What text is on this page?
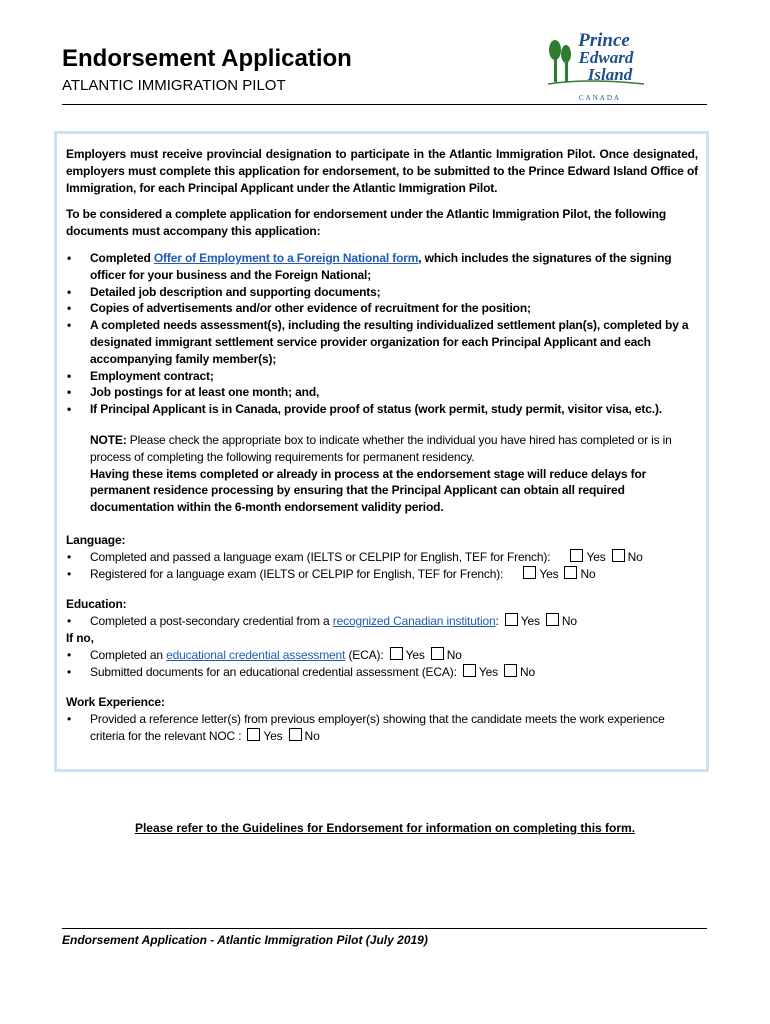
Endorsement Application
ATLANTIC IMMIGRATION PILOT
Prince
Edward
Island
CANADA

Employers must receive provincial designation to participate in the Atlantic Immigration Pilot. Once designated, employers must complete this application for endorsement, to be submitted to the Prince Edward Island Office of Immigration, for each Principal Applicant under the Atlantic Immigration Pilot.

To be considered a complete application for endorsement under the Atlantic Immigration Pilot, the following documents must accompany this application:

• Completed Offer of Employment to a Foreign National form, which includes the signatures of the signing officer for your business and the Foreign National;
• Detailed job description and supporting documents;
• Copies of advertisements and/or other evidence of recruitment for the position;
• A completed needs assessment(s), including the resulting individualized settlement plan(s), completed by a designated immigrant settlement service provider organization for each Principal Applicant and each accompanying family member(s);
• Employment contract;
• Job postings for at least one month; and,
• If Principal Applicant is in Canada, provide proof of status (work permit, study permit, visitor visa, etc.).
NOTE: Please check the appropriate box to indicate whether the individual you have hired has completed or is in process of completing the following requirements for permanent residency.
Having these items completed or already in process at the endorsement stage will reduce delays for permanent residence processing by ensuring that the Principal Applicant can obtain all required documentation within the 6-month endorsement validity period.
Language:
• Completed and passed a language exam (IELTS or CELPIP for English, TEF for French):	Yes No
• Registered for a language exam (IELTS or CELPIP for English, TEF for French):	Yes No
Education:
• Completed a post-secondary credential from a recognized Canadian institution: Yes No
If no,
• Completed an educational credential assessment (ECA): Yes No
• Submitted documents for an educational credential assessment (ECA): Yes No
Work Experience:
• Provided a reference letter(s) from previous employer(s) showing that the candidate meets the work experience criteria for the relevant NOC : Yes No
Please refer to the Guidelines for Endorsement for information on completing this form.
Endorsement Application - Atlantic Immigration Pilot (July 2019)
